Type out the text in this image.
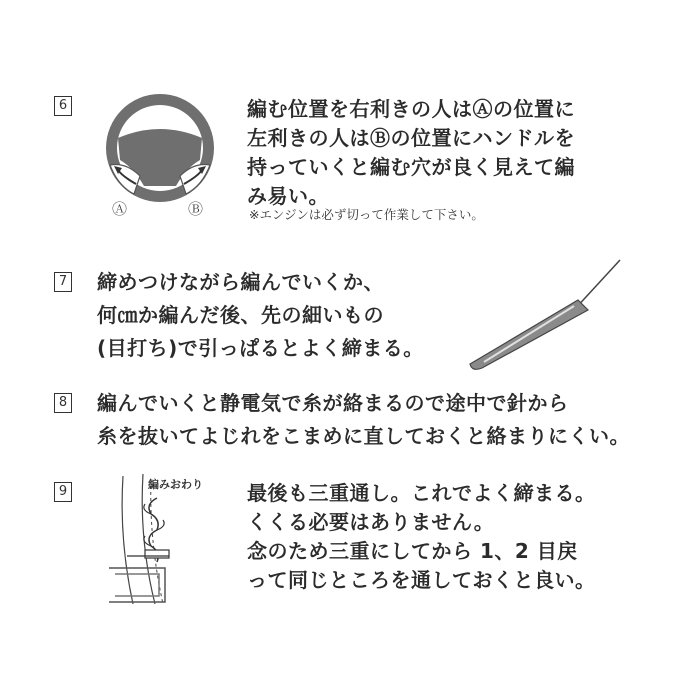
6
Ⓐ	Ⓑ
編む位置を右利きの人はⒶの位置に
左利きの人はⒷの位置にハンドルを
持っていくと編む穴が良く見えて編
み易い。
※エンジンは必ず切って作業して下さい。
7 締めつけながら編んでいくか、
何㎝か編んだ後、先の細いもの
(目打ち)で引っぱるとよく締まる。
8 編んでいくと静電気で糸が絡まるので途中で針から
糸を抜いてよじれをこまめに直しておくと絡まりにくい。
9	編みおわり 最後も三重通し。これでよく締まる。
くくる必要はありません。
念のため三重にしてから 1、2 目戻
って同じところを通しておくと良い。
